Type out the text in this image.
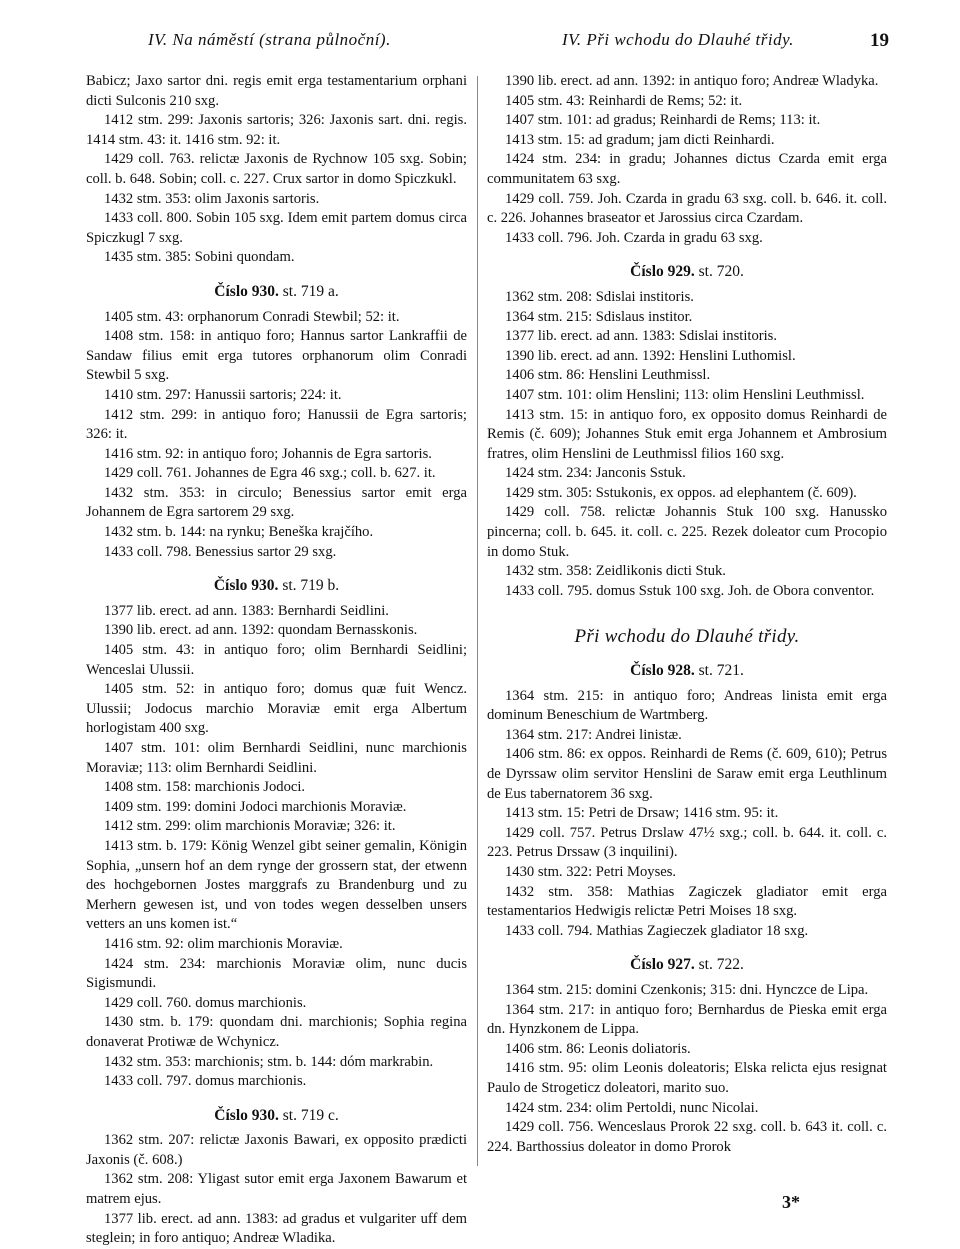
IV. Na náměstí (strana půlnoční).	IV. Při wchodu do Dlauhé třidy.	19

Babicz; Jaxo sartor dni. regis emit erga testamentarium orphani dicti Sulconis 210 sxg.

1412 stm. 299: Jaxonis sartoris; 326: Jaxonis sart. dni. regis. 1414 stm. 43: it. 1416 stm. 92: it.

1429 coll. 763. relictæ Jaxonis de Rychnow 105 sxg. Sobin; coll. b. 648. Sobin; coll. c. 227. Crux sartor in domo Spiczkukl.

1432 stm. 353: olim Jaxonis sartoris.

1433 coll. 800. Sobin 105 sxg. Idem emit partem domus circa Spiczkugl 7 sxg.

1435 stm. 385: Sobini quondam.

Číslo 930. st. 719 a.

1405 stm. 43: orphanorum Conradi Stewbil; 52: it.

1408 stm. 158: in antiquo foro; Hannus sartor Lankraffii de Sandaw filius emit erga tutores orphanorum olim Conradi Stewbil 5 sxg.

1410 stm. 297: Hanussii sartoris; 224: it.

1412 stm. 299: in antiquo foro; Hanussii de Egra sartoris; 326: it.

1416 stm. 92: in antiquo foro; Johannis de Egra sartoris.

1429 coll. 761. Johannes de Egra 46 sxg.; coll. b. 627. it.

1432 stm. 353: in circulo; Benessius sartor emit erga Johannem de Egra sartorem 29 sxg.

1432 stm. b. 144: na rynku; Beneška krajčího.

1433 coll. 798. Benessius sartor 29 sxg.

Číslo 930. st. 719 b.

1377 lib. erect. ad ann. 1383: Bernhardi Seidlini.

1390 lib. erect. ad ann. 1392: quondam Bernasskonis.

1405 stm. 43: in antiquo foro; olim Bernhardi Seidlini; Wenceslai Ulussii.

1405 stm. 52: in antiquo foro; domus quæ fuit Wencz. Ulussii; Jodocus marchio Moraviæ emit erga Albertum horlogistam 400 sxg.

1407 stm. 101: olim Bernhardi Seidlini, nunc marchionis Moraviæ; 113: olim Bernhardi Seidlini.

1408 stm. 158: marchionis Jodoci.

1409 stm. 199: domini Jodoci marchionis Moraviæ.

1412 stm. 299: olim marchionis Moraviæ; 326: it.

1413 stm. b. 179: König Wenzel gibt seiner gemalin, Königin Sophia, „unsern hof an dem rynge der grossern stat, der etwenn des hochgebornen Jostes marggrafs zu Brandenburg und zu Merhern gewesen ist, und von todes wegen desselben unsers vetters an uns komen ist.“

1416 stm. 92: olim marchionis Moraviæ.

1424 stm. 234: marchionis Moraviæ olim, nunc ducis Sigismundi.

1429 coll. 760. domus marchionis.

1430 stm. b. 179: quondam dni. marchionis; Sophia regina donaverat Protiwæ de Wchynicz.

1432 stm. 353: marchionis; stm. b. 144: dóm markrabin.

1433 coll. 797. domus marchionis.

Číslo 930. st. 719 c.

1362 stm. 207: relictæ Jaxonis Bawari, ex opposito prædicti Jaxonis (č. 608.)

1362 stm. 208: Yligast sutor emit erga Jaxonem Bawarum et matrem ejus.

1377 lib. erect. ad ann. 1383: ad gradus et vulgariter uff dem steglein; in foro antiquo; Andreæ Wladika.

1390 lib. erect. ad ann. 1392: in antiquo foro; Andreæ Wladyka.

1405 stm. 43: Reinhardi de Rems; 52: it.

1407 stm. 101: ad gradus; Reinhardi de Rems; 113: it.

1413 stm. 15: ad gradum; jam dicti Reinhardi.

1424 stm. 234: in gradu; Johannes dictus Czarda emit erga communitatem 63 sxg.

1429 coll. 759. Joh. Czarda in gradu 63 sxg. coll. b. 646. it. coll. c. 226. Johannes braseator et Jarossius circa Czardam.

1433 coll. 796. Joh. Czarda in gradu 63 sxg.

Číslo 929. st. 720.

1362 stm. 208: Sdislai institoris.

1364 stm. 215: Sdislaus institor.

1377 lib. erect. ad ann. 1383: Sdislai institoris.

1390 lib. erect. ad ann. 1392: Henslini Luthomisl.

1406 stm. 86: Henslini Leuthmissl.

1407 stm. 101: olim Henslini; 113: olim Henslini Leuthmissl.

1413 stm. 15: in antiquo foro, ex opposito domus Reinhardi de Remis (č. 609); Johannes Stuk emit erga Johannem et Ambrosium fratres, olim Henslini de Leuthmissl filios 160 sxg.

1424 stm. 234: Janconis Sstuk.

1429 stm. 305: Sstukonis, ex oppos. ad elephantem (č. 609).

1429 coll. 758. relictæ Johannis Stuk 100 sxg. Hanussko pincerna; coll. b. 645. it. coll. c. 225. Rezek doleator cum Procopio in domo Stuk.

1432 stm. 358: Zeidlikonis dicti Stuk.

1433 coll. 795. domus Sstuk 100 sxg. Joh. de Obora conventor.

Při wchodu do Dlauhé třidy.
Číslo 928. st. 721.

1364 stm. 215: in antiquo foro; Andreas linista emit erga dominum Beneschium de Wartmberg.

1364 stm. 217: Andrei linistæ.

1406 stm. 86: ex oppos. Reinhardi de Rems (č. 609, 610); Petrus de Dyrssaw olim servitor Henslini de Saraw emit erga Leuthlinum de Eus tabernatorem 36 sxg.

1413 stm. 15: Petri de Drsaw; 1416 stm. 95: it.

1429 coll. 757. Petrus Drslaw 47½ sxg.; coll. b. 644. it. coll. c. 223. Petrus Drssaw (3 inquilini).

1430 stm. 322: Petri Moyses.

1432 stm. 358: Mathias Zagiczek gladiator emit erga testamentarios Hedwigis relictæ Petri Moises 18 sxg.

1433 coll. 794. Mathias Zagieczek gladiator 18 sxg.

Číslo 927. st. 722.

1364 stm. 215: domini Czenkonis; 315: dni. Hynczce de Lipa.

1364 stm. 217: in antiquo foro; Bernhardus de Pieska emit erga dn. Hynzkonem de Lippa.

1406 stm. 86: Leonis doliatoris.

1416 stm. 95: olim Leonis doleatoris; Elska relicta ejus resignat Paulo de Strogeticz doleatori, marito suo.

1424 stm. 234: olim Pertoldi, nunc Nicolai.

1429 coll. 756. Wenceslaus Prorok 22 sxg. coll. b. 643 it. coll. c. 224. Barthossius doleator in domo Prorok

3*
